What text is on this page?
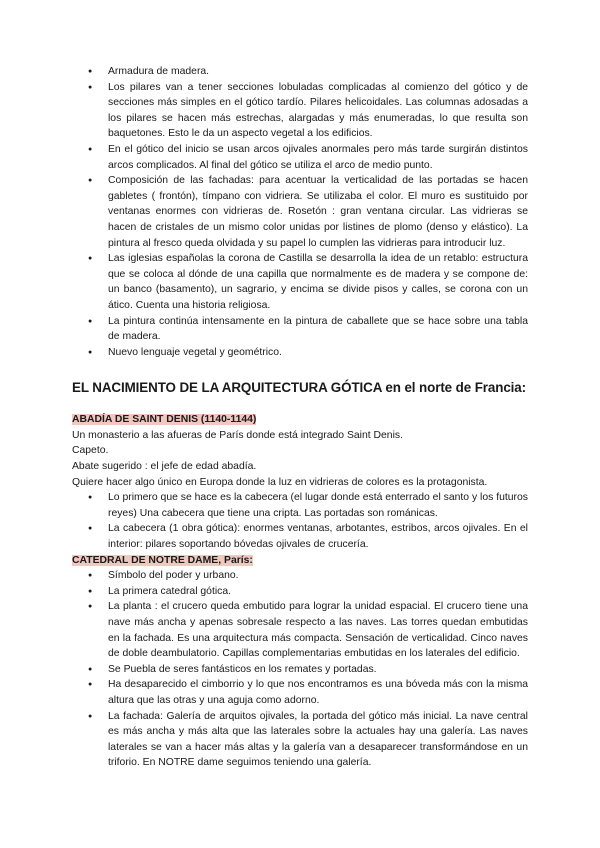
● Armadura de madera.
● Los pilares van a tener secciones lobuladas complicadas al comienzo del gótico y de secciones más simples en el gótico tardío. Pilares helicoidales. Las columnas adosadas a los pilares se hacen más estrechas, alargadas y más enumeradas, lo que resulta son baquetones. Esto le da un aspecto vegetal a los edificios.
● En el gótico del inicio se usan arcos ojivales anormales pero más tarde surgirán distintos arcos complicados. Al final del gótico se utiliza el arco de medio punto.
● Composición de las fachadas: para acentuar la verticalidad de las portadas se hacen gabletes ( frontón), tímpano con vidriera. Se utilizaba el color. El muro es sustituido por ventanas enormes con vidrieras de. Rosetón : gran ventana circular. Las vidrieras se hacen de cristales de un mismo color unidas por listines de plomo (denso y elástico). La pintura al fresco queda olvidada y su papel lo cumplen las vidrieras para introducir luz.
● Las iglesias españolas la corona de Castilla se desarrolla la idea de un retablo: estructura que se coloca al dónde de una capilla que normalmente es de madera y se compone de: un banco (basamento), un sagrario, y encima se divide pisos y calles, se corona con un ático. Cuenta una historia religiosa.
● La pintura continúa intensamente en la pintura de caballete que se hace sobre una tabla de madera.
● Nuevo lenguaje vegetal y geométrico.
EL NACIMIENTO DE LA ARQUITECTURA GÓTICA en el norte de Francia:
ABADÍA DE SAINT DENIS (1140-1144)

Un monasterio a las afueras de París donde está integrado Saint Denis.

Capeto.

Abate sugerido : el jefe de edad abadía.

Quiere hacer algo único en Europa donde la luz en vidrieras de colores es la protagonista.

● Lo primero que se hace es la cabecera (el lugar donde está enterrado el santo y los futuros reyes) Una cabecera que tiene una cripta. Las portadas son románicas.
● La cabecera (1 obra gótica): enormes ventanas, arbotantes, estribos, arcos ojivales. En el interior: pilares soportando bóvedas ojivales de crucería.
CATEDRAL DE NOTRE DAME, París:
● Símbolo del poder y urbano.
● La primera catedral gótica.
● La planta : el crucero queda embutido para lograr la unidad espacial. El crucero tiene una nave más ancha y apenas sobresale respecto a las naves. Las torres quedan embutidas en la fachada. Es una arquitectura más compacta. Sensación de verticalidad. Cinco naves de doble deambulatorio. Capillas complementarias embutidas en los laterales del edificio.
● Se Puebla de seres fantásticos en los remates y portadas.
● Ha desaparecido el cimborrio y lo que nos encontramos es una bóveda más con la misma altura que las otras y una aguja como adorno.
● La fachada: Galería de arquitos ojivales, la portada del gótico más inicial. La nave central es más ancha y más alta que las laterales sobre la actuales hay una galería. Las naves laterales se van a hacer más altas y la galería van a desaparecer transformándose en un triforio. En NOTRE dame seguimos teniendo una galería.
